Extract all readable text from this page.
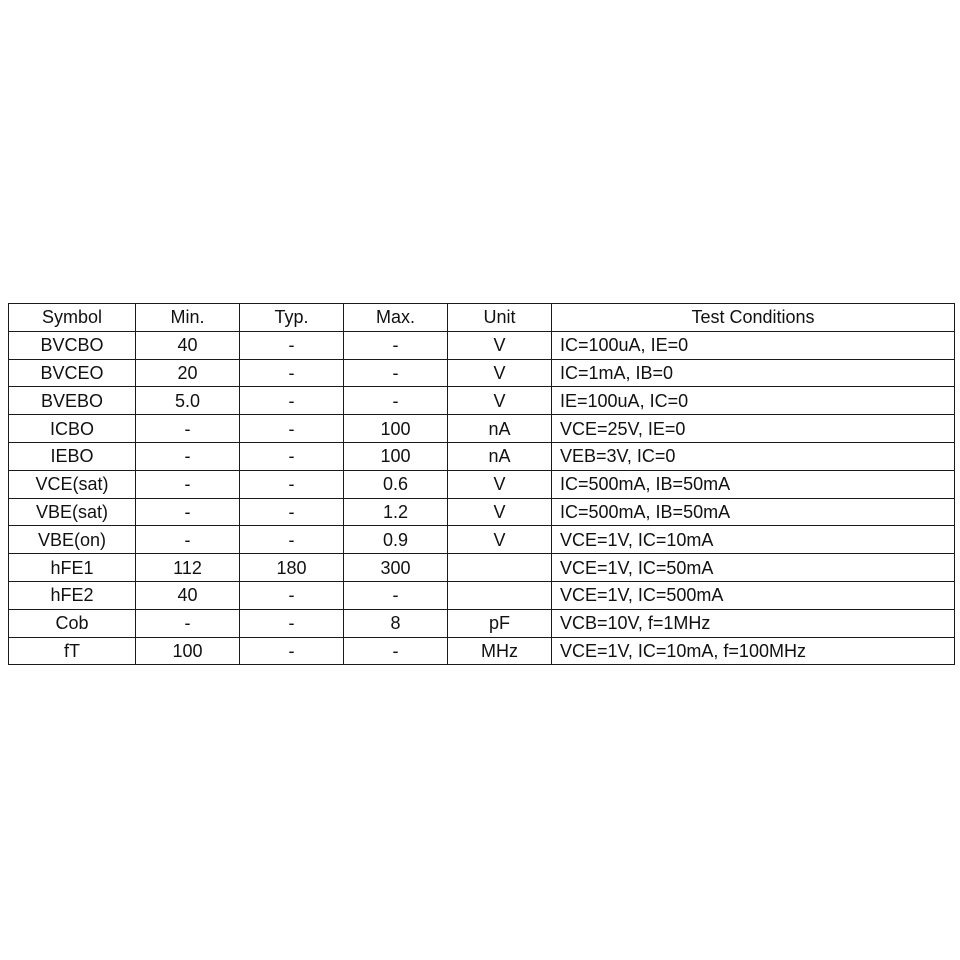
Symbol	Min.	Typ.	Max.	Unit	Test Conditions
BVCBO	40	-	-	V	IC=100uA, IE=0
BVCEO	20	-	-	V	IC=1mA, IB=0
BVEBO	5.0	-	-	V	IE=100uA, IC=0
ICBO	-	-	100	nA	VCE=25V, IE=0
IEBO	-	-	100	nA	VEB=3V, IC=0
VCE(sat)	-	-	0.6	V	IC=500mA, IB=50mA
VBE(sat)	-	-	1.2	V	IC=500mA, IB=50mA
VBE(on)	-	-	0.9	V	VCE=1V, IC=10mA
hFE1	112	180	300		VCE=1V, IC=50mA
hFE2	40	-	-		VCE=1V, IC=500mA
Cob	-	-	8	pF	VCB=10V, f=1MHz
fT	100	-	-	MHz	VCE=1V, IC=10mA, f=100MHz
